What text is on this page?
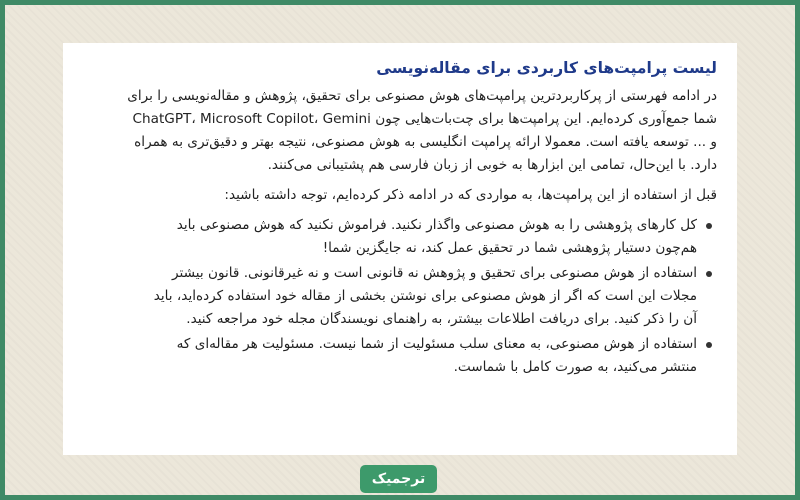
لیست پرامپت‌های کاربردی برای مقاله‌نویسی
در ادامه فهرستی از پرکاربردترین پرامپت‌های هوش مصنوعی برای تحقیق، پژوهش و مقاله‌نویسی را برای
شما جمع‌آوری کرده‌ایم. این پرامپت‌ها برای چت‌بات‌هایی چون ChatGPT، Microsoft Copilot، Gemini
و ... توسعه یافته است. معمولا ارائه پرامپت انگلیسی به هوش مصنوعی، نتیجه بهتر و دقیق‌تری به همراه
دارد. با این‌حال، تمامی این ابزارها به خوبی از زبان فارسی هم پشتیبانی می‌کنند.
قبل از استفاده از این پرامپت‌ها، به مواردی که در ادامه ذکر کرده‌ایم، توجه داشته باشید:
کل کارهای پژوهشی را به هوش مصنوعی واگذار نکنید. فراموش نکنید که هوش مصنوعی باید
هم‌چون دستیار پژوهشی شما در تحقیق عمل کند، نه جایگزین شما!
استفاده از هوش مصنوعی برای تحقیق و پژوهش نه قانونی است و نه غیرقانونی. قانون بیشتر
مجلات این است که اگر از هوش مصنوعی برای نوشتن بخشی از مقاله خود استفاده کرده‌اید، باید
آن را ذکر کنید. برای دریافت اطلاعات بیشتر، به راهنمای نویسندگان مجله خود مراجعه کنید.
استفاده از هوش مصنوعی، به معنای سلب مسئولیت از شما نیست. مسئولیت هر مقاله‌ای که
منتشر می‌کنید، به صورت کامل با شماست.
ترجمیک
